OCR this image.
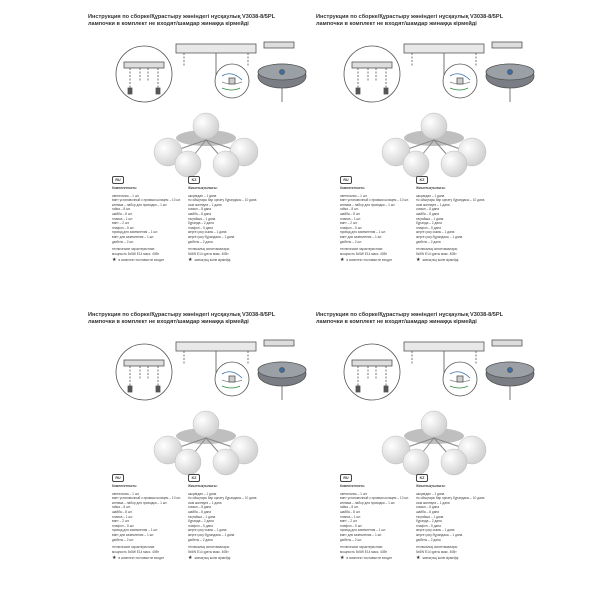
Инструкция по сборке/Құрастыру жөніндегі нұсқаулық V3038-8/5PL
лампочки в комплект не входят/шамдар жинаққа кірмейді
RU
Комплектность:
светильник – 1 шт.
винт установочный с прямым шлицем – 10 шт.
клемма – набор для проводки – 1 шт.
гайка – 8 шт.
шайба – 8 шт.
планка – 1 шт.
винт – 2 шт.
плафон – 5 шт.
провод для заземления – 1 шт.
винт для заземления – 1 шт.
дюбель – 2 шт.
технические характеристики:
мощность 5x5W E14 макс. 40Вт
★ в комплект поставки не входит
KZ
Жиынтықтылығы:
шырағдан – 1 дана
тік ойықтары бар орнату бұрандасы – 10 дана
сым жалғауға – 1 дана
сомын – 8 дана
шайба – 8 дана
тақтайша – 1 дана
бұранда – 2 дана
плафон – 5 дана
жерге қосу сымы – 1 дана
жерге қосу бұрандасы – 1 дана
дюбель – 2 дана
техникалық сипаттамалары:
5x5W E14 қуаты макс. 40Вт
★ жинақтың ішіне кірмейді
Инструкция по сборке/Құрастыру жөніндегі нұсқаулық V3038-8/5PL
лампочки в комплект не входят/шамдар жинаққа кірмейді
RU
Комплектность:
светильник – 1 шт.
винт установочный с прямым шлицем – 10 шт.
клемма – набор для проводки – 1 шт.
гайка – 8 шт.
шайба – 8 шт.
планка – 1 шт.
винт – 2 шт.
плафон – 5 шт.
провод для заземления – 1 шт.
винт для заземления – 1 шт.
дюбель – 2 шт.
технические характеристики:
мощность 5x5W E14 макс. 40Вт
★ в комплект поставки не входит
KZ
Жиынтықтылығы:
шырағдан – 1 дана
тік ойықтары бар орнату бұрандасы – 10 дана
сым жалғауға – 1 дана
сомын – 8 дана
шайба – 8 дана
тақтайша – 1 дана
бұранда – 2 дана
плафон – 5 дана
жерге қосу сымы – 1 дана
жерге қосу бұрандасы – 1 дана
дюбель – 2 дана
техникалық сипаттамалары:
5x5W E14 қуаты макс. 40Вт
★ жинақтың ішіне кірмейді
Инструкция по сборке/Құрастыру жөніндегі нұсқаулық V3038-8/5PL
лампочки в комплект не входят/шамдар жинаққа кірмейді
RU
Комплектность:
светильник – 1 шт.
винт установочный с прямым шлицем – 10 шт.
клемма – набор для проводки – 1 шт.
гайка – 8 шт.
шайба – 8 шт.
планка – 1 шт.
винт – 2 шт.
плафон – 5 шт.
провод для заземления – 1 шт.
винт для заземления – 1 шт.
дюбель – 2 шт.
технические характеристики:
мощность 5x5W E14 макс. 40Вт
★ в комплект поставки не входит
KZ
Жиынтықтылығы:
шырағдан – 1 дана
тік ойықтары бар орнату бұрандасы – 10 дана
сым жалғауға – 1 дана
сомын – 8 дана
шайба – 8 дана
тақтайша – 1 дана
бұранда – 2 дана
плафон – 5 дана
жерге қосу сымы – 1 дана
жерге қосу бұрандасы – 1 дана
дюбель – 2 дана
техникалық сипаттамалары:
5x5W E14 қуаты макс. 40Вт
★ жинақтың ішіне кірмейді
Инструкция по сборке/Құрастыру жөніндегі нұсқаулық V3038-8/5PL
лампочки в комплект не входят/шамдар жинаққа кірмейді
RU
Комплектность:
светильник – 1 шт.
винт установочный с прямым шлицем – 10 шт.
клемма – набор для проводки – 1 шт.
гайка – 8 шт.
шайба – 8 шт.
планка – 1 шт.
винт – 2 шт.
плафон – 5 шт.
провод для заземления – 1 шт.
винт для заземления – 1 шт.
дюбель – 2 шт.
технические характеристики:
мощность 5x5W E14 макс. 40Вт
★ в комплект поставки не входит
KZ
Жиынтықтылығы:
шырағдан – 1 дана
тік ойықтары бар орнату бұрандасы – 10 дана
сым жалғауға – 1 дана
сомын – 8 дана
шайба – 8 дана
тақтайша – 1 дана
бұранда – 2 дана
плафон – 5 дана
жерге қосу сымы – 1 дана
жерге қосу бұрандасы – 1 дана
дюбель – 2 дана
техникалық сипаттамалары:
5x5W E14 қуаты макс. 40Вт
★ жинақтың ішіне кірмейді
